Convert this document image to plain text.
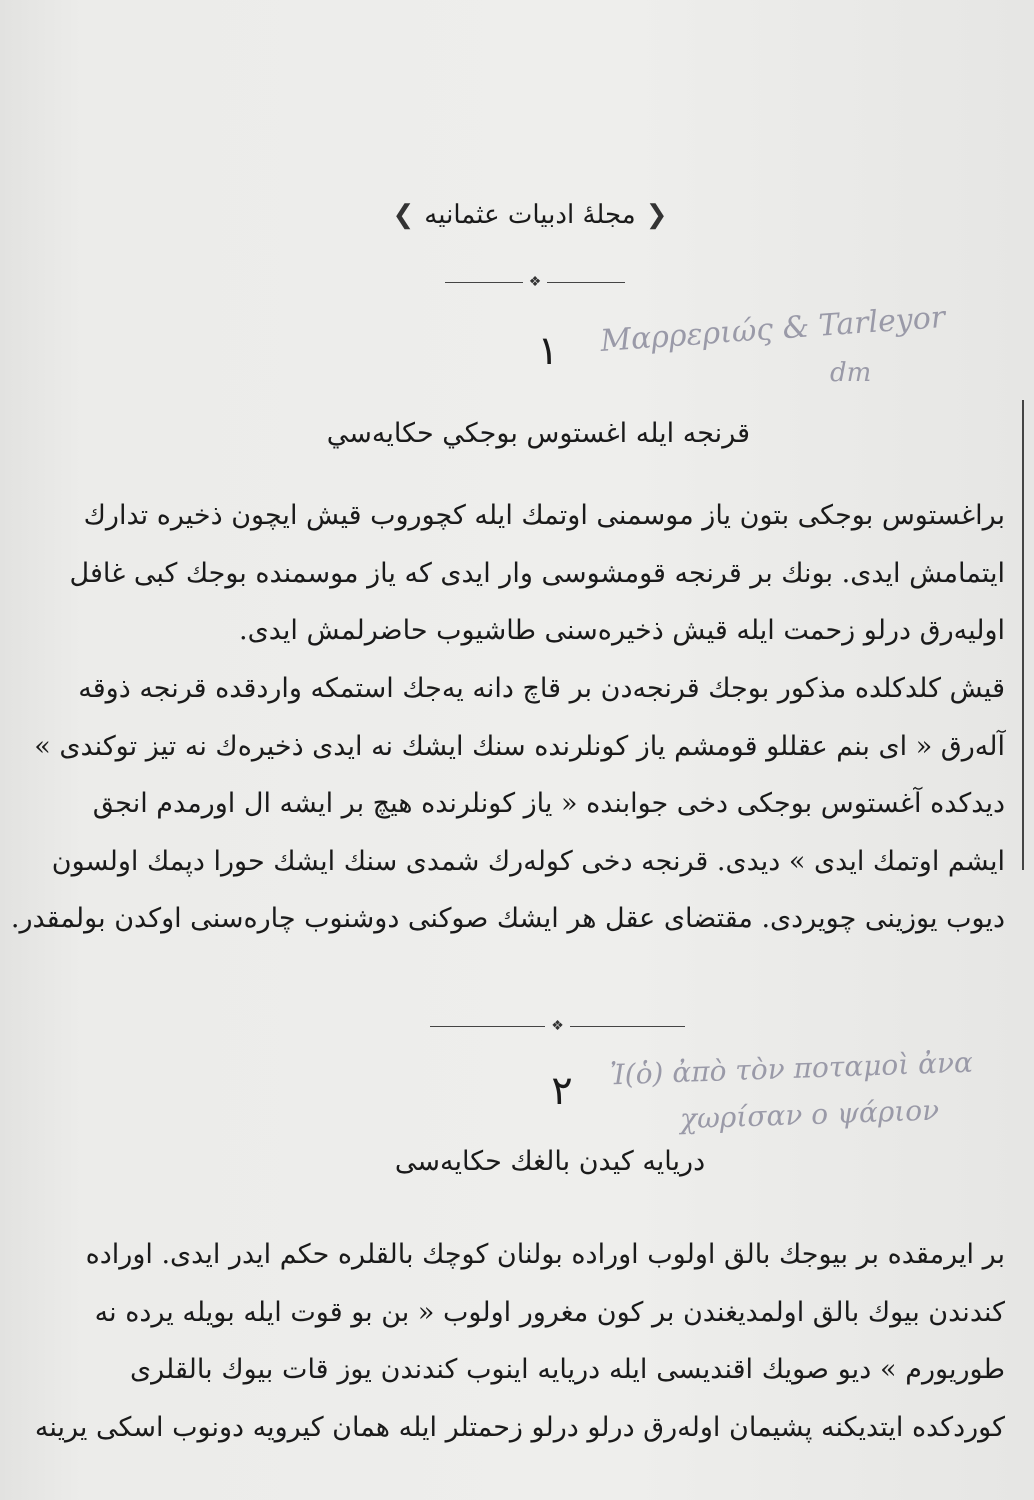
❮ مجلهٔ ادبيات عثمانيه ❯
❖
١
قرنجه ايله اغستوس بوجكي حكايه‌سي
براغستوس بوجكى بتون ياز موسمنى اوتمك ايله كچوروب قيش ايچون ذخيره تدارك
ايتمامش ايدى. بونك بر قرنجه قومشوسى وار ايدى كه ياز موسمنده بوجك كبى غافل
اوليه‌رق درلو زحمت ايله قيش ذخيره‌سنى طاشيوب حاضرلمش ايدى.
قيش كلدكلده مذكور بوجك قرنجه‌دن بر قاچ دانه يه‌جك استمكه واردقده قرنجه ذوقه
آله‌رق « اى بنم عقللو قومشم ياز كونلرنده سنك ايشك نه ايدى ذخيره‌ك نه تيز توكندى »
ديدكده آغستوس بوجكى دخى جوابنده « ياز كونلرنده هيچ بر ايشه ال اورمدم انجق
ايشم اوتمك ايدى » ديدى. قرنجه دخى كوله‌رك شمدى سنك ايشك حورا دپمك اولسون
ديوب يوزينى چويردى. مقتضاى عقل هر ايشك صوكنى دوشنوب چاره‌سنى اوكدن بولمقدر.
❖
٢
دريايه كيدن بالغك حكايه‌سى
بر ايرمقده بر بيوجك بالق اولوب اوراده بولنان كوچك بالقلره حكم ايدر ايدى. اوراده
كندندن بيوك بالق اولمديغندن بر كون مغرور اولوب « بن بو قوت ايله بويله يرده نه
طوريورم » ديو صويك اقنديسى ايله دريايه اينوب كندندن يوز قات بيوك بالقلرى
كوردكده ايتديكنه پشيمان اوله‌رق درلو درلو زحمتلر ايله همان كيرويه دونوب اسكى يرينه
Μαρρεριώς & Tarleyor
dm
Ἰ(ὁ) ἀπὸ τὸν ποταμοὶ ἀνα
χωρίσαν ο ψάριον
